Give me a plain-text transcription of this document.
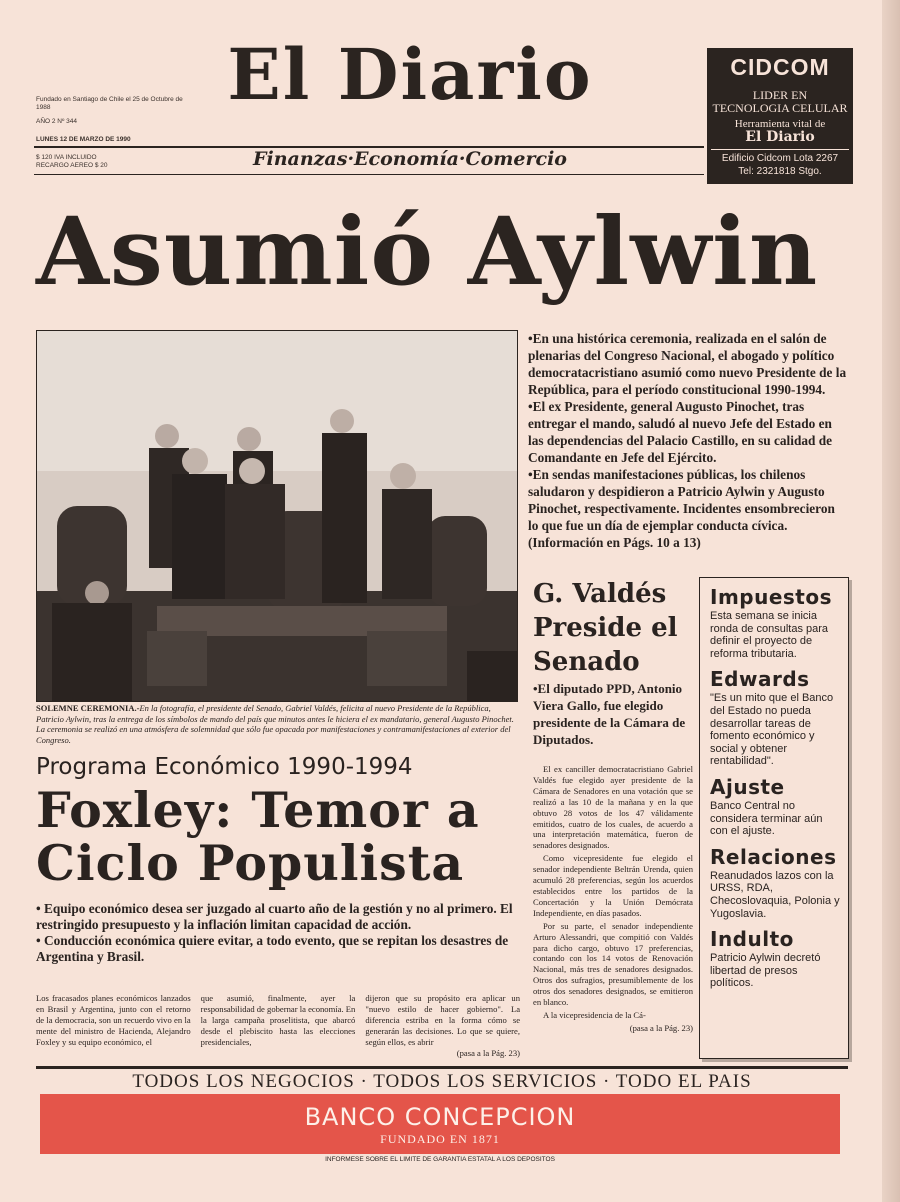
Fundado en Santiago de Chile el 25 de Octubre de 1988
AÑO 2 Nº 344
LUNES 12 DE MARZO DE 1990
$ 120 IVA INCLUIDO
RECARGO AEREO $ 20
El Diario
Finanzas·Economía·Comercio
CIDCOM
LIDER EN
TECNOLOGIA CELULAR
Herramienta vital de
El Diario
Edificio Cidcom Lota 2267
Tel: 2321818 Stgo.
Asumió Aylwin
SOLEMNE CEREMONIA.-En la fotografía, el presidente del Senado, Gabriel Valdés, felicita al nuevo Presidente de la República, Patricio Aylwin, tras la entrega de los símbolos de mando del país que minutos antes le hiciera el ex mandatario, general Augusto Pinochet. La ceremonia se realizó en una atmósfera de solemnidad que sólo fue opacada por manifestaciones y contramanifestaciones al exterior del Congreso.

•En una histórica ceremonia, realizada en el salón de plenarias del Congreso Nacional, el abogado y político democratacristiano asumió como nuevo Presidente de la República, para el período constitucional 1990-1994.

•El ex Presidente, general Augusto Pinochet, tras entregar el mando, saludó al nuevo Jefe del Estado en las dependencias del Palacio Castillo, en su calidad de Comandante en Jefe del Ejército.

•En sendas manifestaciones públicas, los chilenos saludaron y despidieron a Patricio Aylwin y Augusto Pinochet, respectivamente. Incidentes ensombrecieron lo que fue un día de ejemplar conducta cívica. (Información en Págs. 10 a 13)

G. Valdés Preside el Senado
•El diputado PPD, Antonio Viera Gallo, fue elegido presidente de la Cámara de Diputados.

El ex canciller democratacristiano Gabriel Valdés fue elegido ayer presidente de la Cámara de Senadores en una votación que se realizó a las 10 de la mañana y en la que obtuvo 28 votos de los 47 válidamente emitidos, cuatro de los cuales, de acuerdo a una interpretación matemática, fueron de senadores designados.

Como vicepresidente fue elegido el senador independiente Beltrán Urenda, quien acumuló 28 preferencias, según los acuerdos establecidos entre los partidos de la Concertación y la Unión Demócrata Independiente, en días pasados.

Por su parte, el senador independiente Arturo Alessandri, que compitió con Valdés para dicho cargo, obtuvo 17 preferencias, contando con los 14 votos de Renovación Nacional, más tres de senadores designados. Otros dos sufragios, presumiblemente de los otros dos senadores designados, se emitieron en blanco.

A la vicepresidencia de la Cá-

(pasa a la Pág. 23)

Impuestos
Esta semana se inicia ronda de consultas para definir el proyecto de reforma tributaria.
Edwards
"Es un mito que el Banco del Estado no pueda desarrollar tareas de fomento económico y social y obtener rentabilidad".
Ajuste
Banco Central no considera terminar aún con el ajuste.
Relaciones
Reanudados lazos con la URSS, RDA, Checoslovaquia, Polonia y Yugoslavia.
Indulto
Patricio Aylwin decretó libertad de presos políticos.
Programa Económico 1990-1994
Foxley: Temor a Ciclo Populista

• Equipo económico desea ser juzgado al cuarto año de la gestión y no al primero. El restringido presupuesto y la inflación limitan capacidad de acción.

• Conducción económica quiere evitar, a todo evento, que se repitan los desastres de Argentina y Brasil.

Los fracasados planes económicos lanzados en Brasil y Argentina, junto con el retorno de la democracia, son un recuerdo vivo en la mente del ministro de Hacienda, Alejandro Foxley y su equipo económico, el
que asumió, finalmente, ayer la responsabilidad de gobernar la economía. En la larga campaña proselitista, que abarcó desde el plebiscito hasta las elecciones presidenciales,
dijeron que su propósito era aplicar un "nuevo estilo de hacer gobierno". La diferencia estriba en la forma cómo se generarán las decisiones. Lo que se quiere, según ellos, es abrir
(pasa a la Pág. 23)
TODOS LOS NEGOCIOS · TODOS LOS SERVICIOS · TODO EL PAIS
BANCO CONCEPCION
FUNDADO EN 1871
INFORMESE SOBRE EL LIMITE DE GARANTIA ESTATAL A LOS DEPOSITOS
